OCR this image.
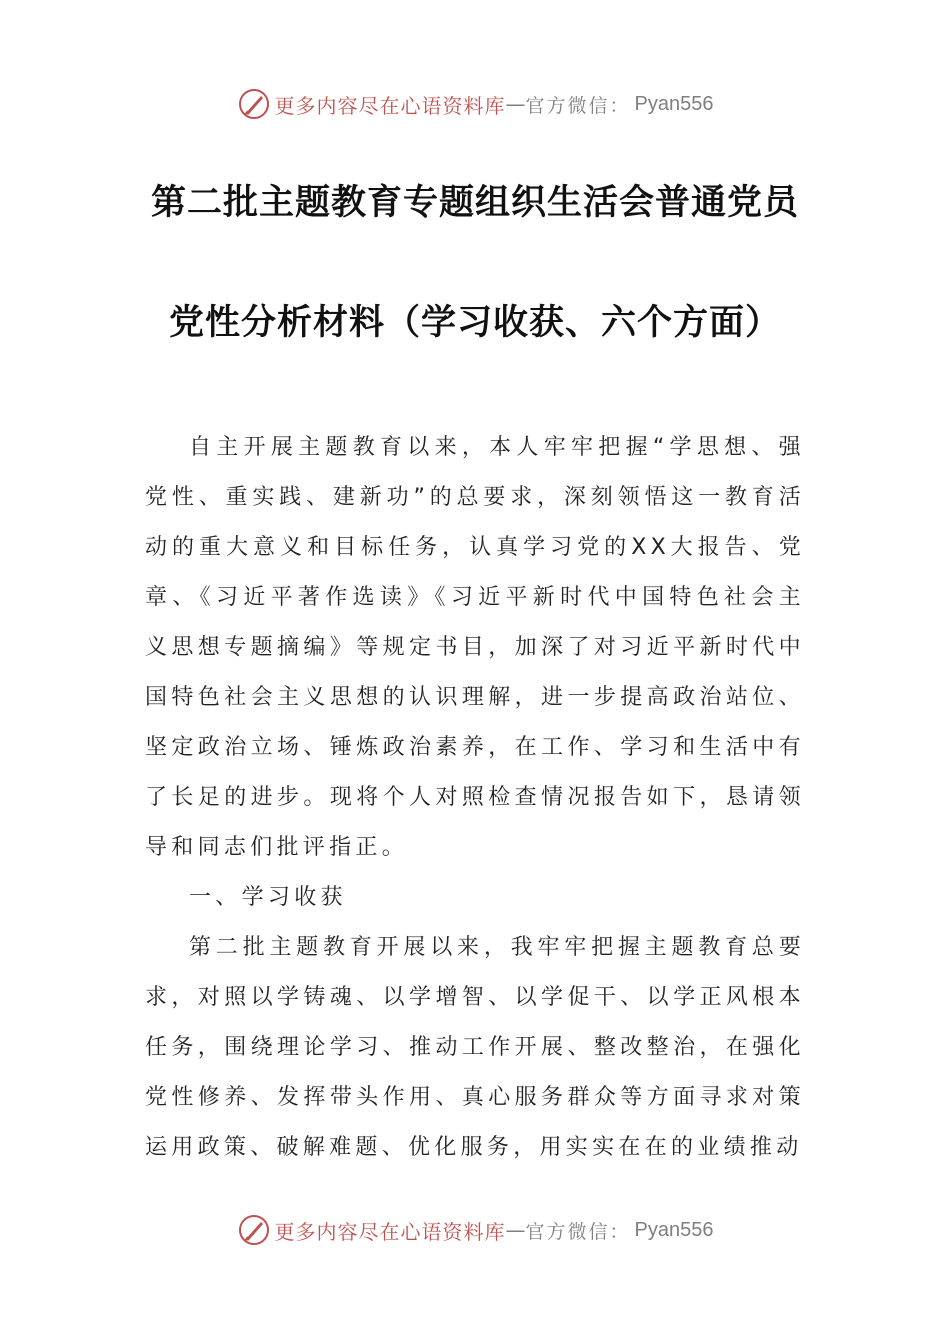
更多内容尽在心语资料库 — 官方微信： Pyan556
第二批主题教育专题组织生活会普通党员
党性分析材料（学习收获、六个方面）

自主开展主题教育以来，本人牢牢把握“学思想、强党性、重实践、建新功”的总要求，深刻领悟这一教育活动的重大意义和目标任务，认真学习党的XX大报告、党章、《习近平著作选读》《习近平新时代中国特色社会主义思想专题摘编》等规定书目，加深了对习近平新时代中国特色社会主义思想的认识理解，进一步提高政治站位、坚定政治立场、锤炼政治素养，在工作、学习和生活中有了长足的进步。现将个人对照检查情况报告如下，恳请领导和同志们批评指正。

一、学习收获

第二批主题教育开展以来，我牢牢把握主题教育总要求，对照以学铸魂、以学增智、以学促干、以学正风根本任务，围绕理论学习、推动工作开展、整改整治，在强化党性修养、发挥带头作用、真心服务群众等方面寻求对策运用政策、破解难题、优化服务，用实实在在的业绩推动

更多内容尽在心语资料库 — 官方微信： Pyan556
